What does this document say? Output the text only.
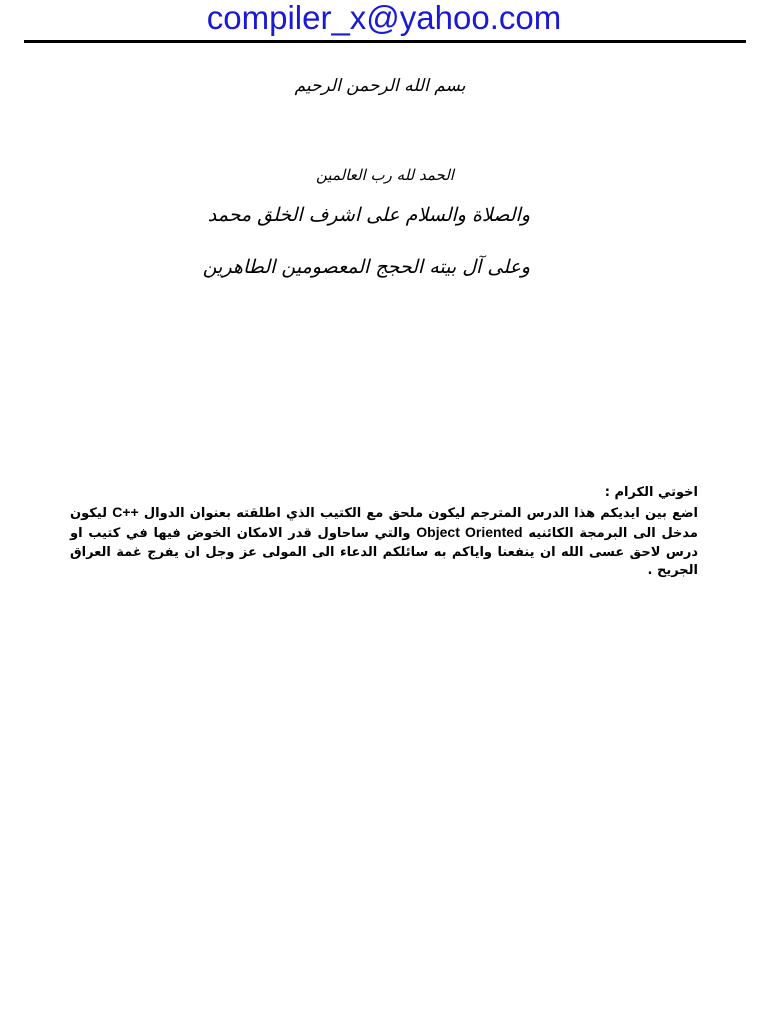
compiler_x@yahoo.com
بسم الله الرحمن الرحيم
الحمد لله رب العالمين
والصلاة والسلام على اشرف الخلق محمد
وعلى آل بيته الحجج المعصومين الطاهرين
اخوتي الكرام :
اضع بين ايديكم هذا الدرس المترجم ليكون ملحق مع الكتيب الذي اطلقته بعنوان الدوال C++ ليكون مدخل الى البرمجة الكائنيه Object Oriented والتي ساحاول قدر الامكان الخوض فيها في كتيب او درس لاحق عسى الله ان ينفعنا واياكم به سائلكم الدعاء الى المولى عز وجل ان يفرج غمة العراق الجريح .
